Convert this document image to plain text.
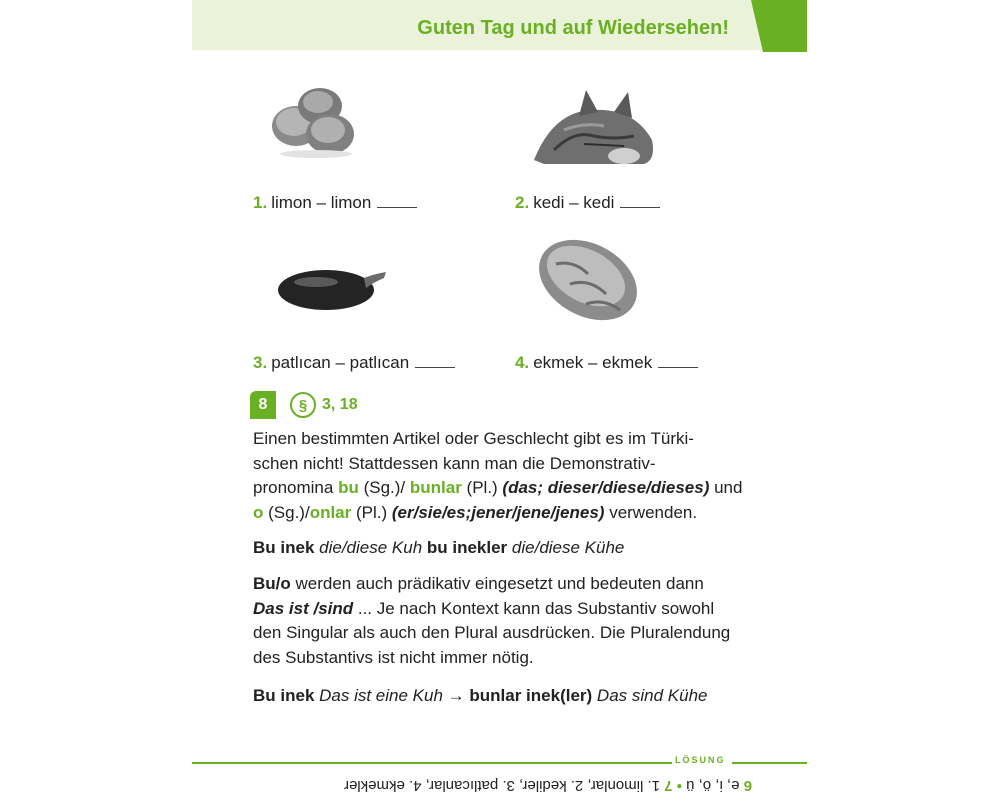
Guten Tag und auf Wiedersehen!
1. limon – limon	2. kedi – kedi
3. patlıcan – patlıcan	4. ekmek – ekmek
8	§ 3, 18
Einen bestimmten Artikel oder Geschlecht gibt es im Türki-
schen nicht! Stattdessen kann man die Demonstrativ-
pronomina bu (Sg.)/ bunlar (Pl.) (das; dieser/diese/dieses) und
o (Sg.)/onlar (Pl.) (er/sie/es;jener/jene/jenes) verwenden.
Bu inek die/diese Kuh bu inekler die/diese Kühe
Bu/o werden auch prädikativ eingesetzt und bedeuten dann
Das ist /sind ... Je nach Kontext kann das Substantiv sowohl
den Singular als auch den Plural ausdrücken. Die Pluralendung
des Substantivs ist nicht immer nötig.
Bu inek Das ist eine Kuh → bunlar inek(ler) Das sind Kühe
LÖSUNG
6 e, i, ö, ü • 7 1. limonlar, 2. kediler, 3. patlıcanlar, 4. ekmekler
